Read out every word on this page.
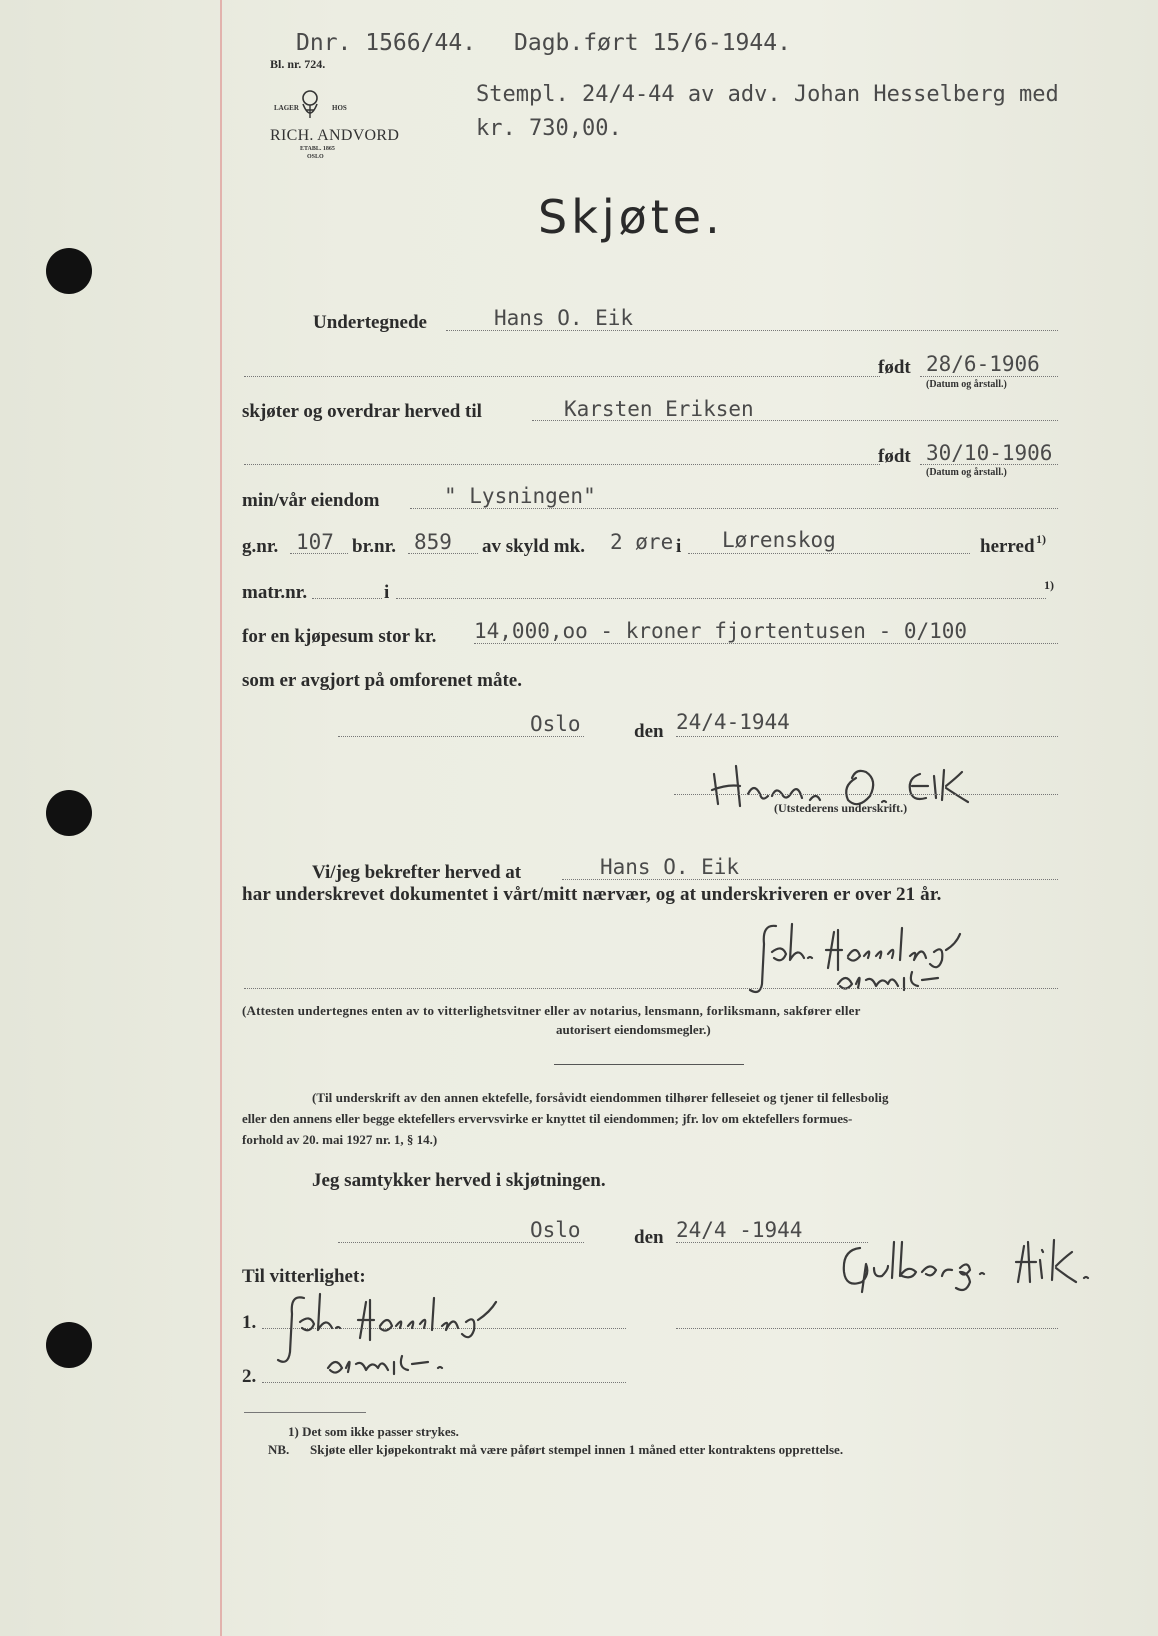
Dnr. 1566/44. Dagb.ført 15/6-1944.
Bl. nr. 724.
Stempl. 24/4-44 av adv. Johan Hesselberg med
kr. 730,00.
LAGER	HOS
RICH. ANDVORD
ETABL. 1865
OSLO
Skjøte.
Undertegnede	Hans O. Eik
født 28/6-1906
(Datum og årstall.)
skjøter og overdrar herved til	Karsten Eriksen
født 30/10-1906
(Datum og årstall.)
min/vår eiendom	" Lysningen"
g.nr. 107 br.nr. 859 av skyld mk. 2 øre i Lørenskog	herred 1)
matr.nr.	i	1)
for en kjøpesum stor kr. 14,000,oo - kroner fjortentusen - 0/100
som er avgjort på omforenet måte.
Oslo	den 24/4-1944
(Utstederens underskrift.)
Vi/jeg bekrefter herved at	Hans O. Eik
har underskrevet dokumentet i vårt/mitt nærvær, og at underskriveren er over 21 år.
(Attesten undertegnes enten av to vitterlighetsvitner eller av notarius, lensmann, forliksmann, sakfører eller
autorisert eiendomsmegler.)
(Til underskrift av den annen ektefelle, forsåvidt eiendommen tilhører felleseiet og tjener til fellesbolig
eller den annens eller begge ektefellers ervervsvirke er knyttet til eiendommen; jfr. lov om ektefellers formues-
forhold av 20. mai 1927 nr. 1, § 14.)
Jeg samtykker herved i skjøtningen.
Oslo	den 24/4 -1944
Til vitterlighet:
1.
2.
1) Det som ikke passer strykes.
NB. Skjøte eller kjøpekontrakt må være påført stempel innen 1 måned etter kontraktens opprettelse.
